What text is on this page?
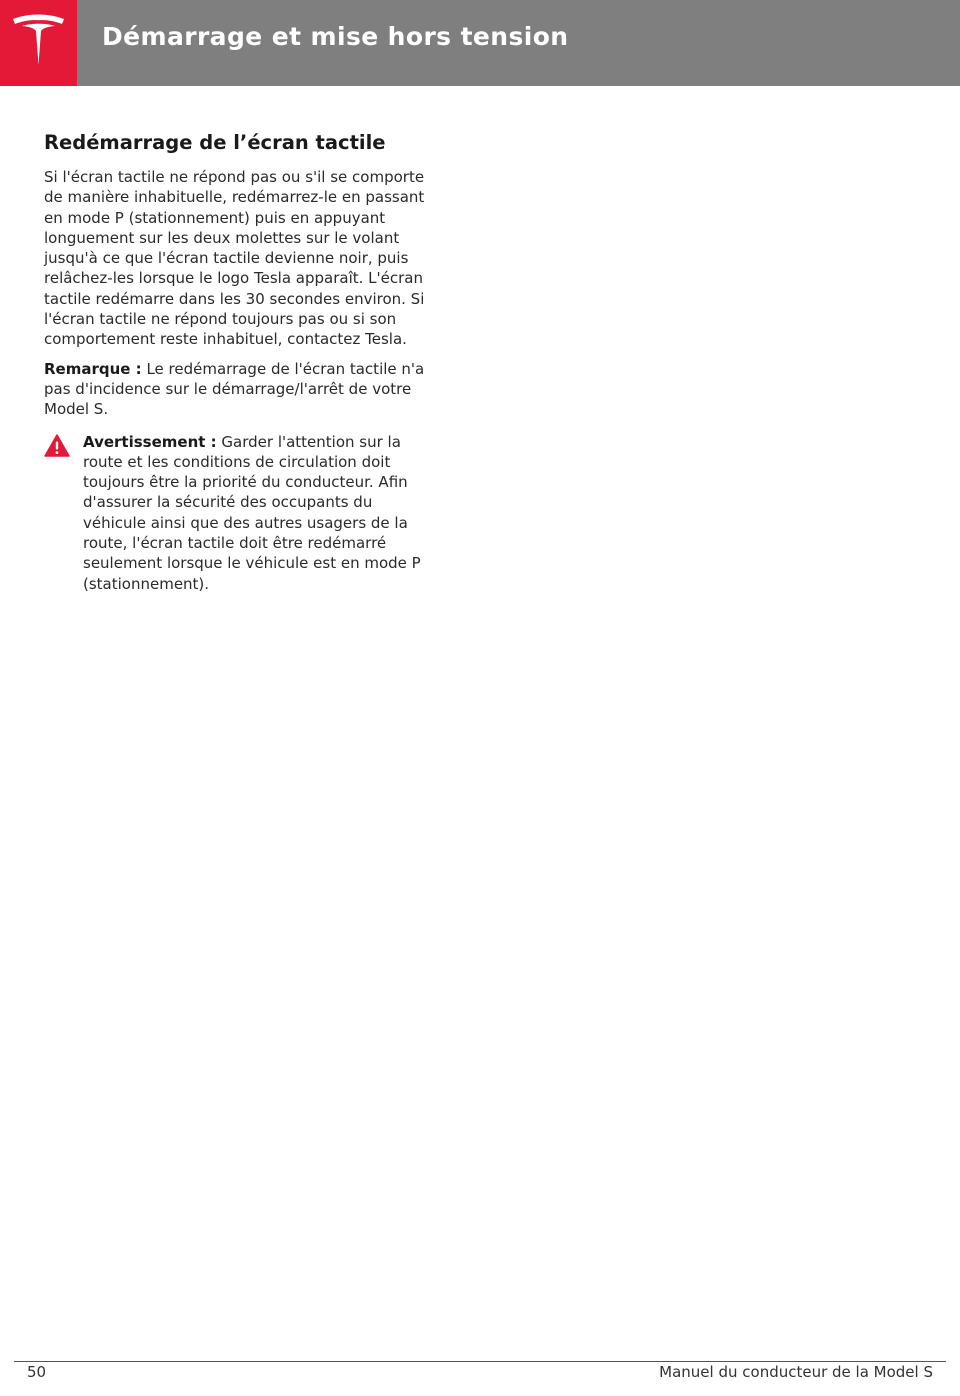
Démarrage et mise hors tension
Redémarrage de l’écran tactile

Si l'écran tactile ne répond pas ou s'il se comporte de manière inhabituelle, redémarrez-le en passant en mode P (stationnement) puis en appuyant longuement sur les deux molettes sur le volant jusqu'à ce que l'écran tactile devienne noir, puis relâchez-les lorsque le logo Tesla apparaît. L'écran tactile redémarre dans les 30 secondes environ. Si l'écran tactile ne répond toujours pas ou si son comportement reste inhabituel, contactez Tesla.

Remarque : Le redémarrage de l'écran tactile n'a pas d'incidence sur le démarrage/l'arrêt de votre Model S.

Avertissement : Garder l'attention sur la route et les conditions de circulation doit toujours être la priorité du conducteur. Afin d'assurer la sécurité des occupants du véhicule ainsi que des autres usagers de la route, l'écran tactile doit être redémarré seulement lorsque le véhicule est en mode P (stationnement).

50	Manuel du conducteur de la Model S
